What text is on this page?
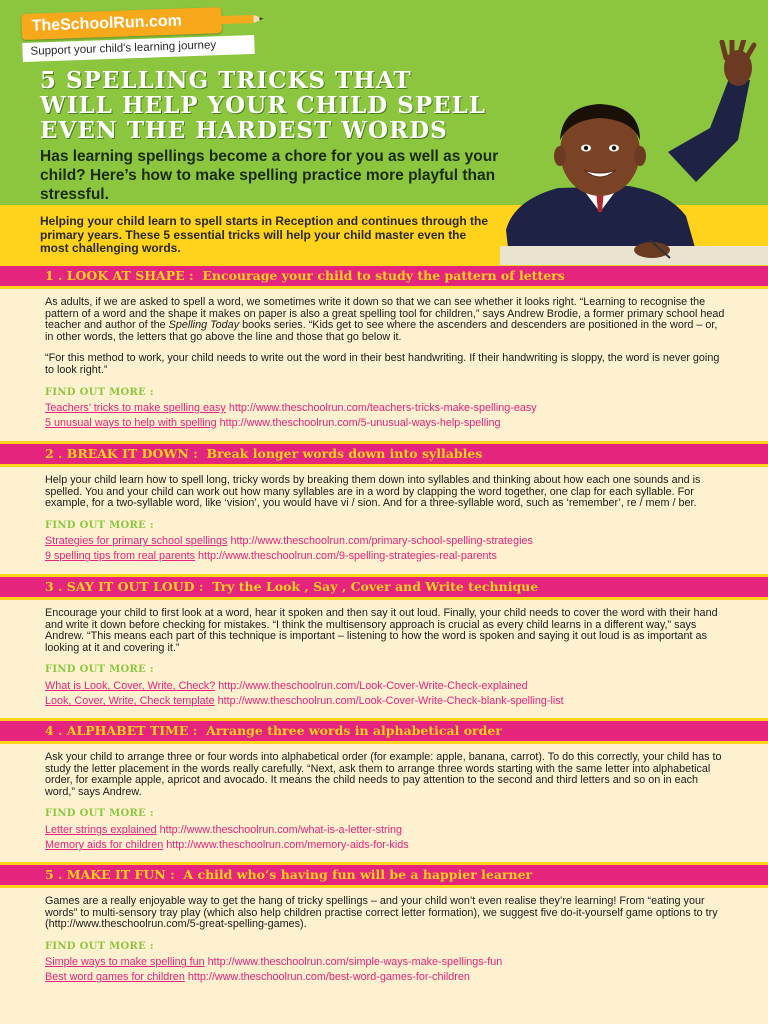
TheSchoolRun.com
Support your child's learning journey
5 SPELLING TRICKS THAT
WILL HELP YOUR CHILD SPELL
EVEN THE HARDEST WORDS

Has learning spellings become a chore for you as well as your child? Here’s how to make spelling practice more playful than stressful.

Helping your child learn to spell starts in Reception and continues through the primary years. These 5 essential tricks will help your child master even the most challenging words.

1 . LOOK AT SHAPE : Encourage your child to study the pattern of letters

As adults, if we are asked to spell a word, we sometimes write it down so that we can see whether it looks right. “Learning to recognise the pattern of a word and the shape it makes on paper is also a great spelling tool for children,” says Andrew Brodie, a former primary school head teacher and author of the Spelling Today books series. “Kids get to see where the ascenders and descenders are positioned in the word – or, in other words, the letters that go above the line and those that go below it.

“For this method to work, your child needs to write out the word in their best handwriting. If their handwriting is sloppy, the word is never going to look right.”

FIND OUT MORE :
Teachers’ tricks to make spelling easy http://www.theschoolrun.com/teachers-tricks-make-spelling-easy
5 unusual ways to help with spelling http://www.theschoolrun.com/5-unusual-ways-help-spelling
2 . BREAK IT DOWN : Break longer words down into syllables

Help your child learn how to spell long, tricky words by breaking them down into syllables and thinking about how each one sounds and is spelled. You and your child can work out how many syllables are in a word by clapping the word together, one clap for each syllable. For example, for a two-syllable word, like ‘vision’, you would have vi / sion. And for a three-syllable word, such as ‘remember’, re / mem / ber.

FIND OUT MORE :
Strategies for primary school spellings http://www.theschoolrun.com/primary-school-spelling-strategies
9 spelling tips from real parents http://www.theschoolrun.com/9-spelling-strategies-real-parents
3 . SAY IT OUT LOUD : Try the Look , Say , Cover and Write technique

Encourage your child to first look at a word, hear it spoken and then say it out loud. Finally, your child needs to cover the word with their hand and write it down before checking for mistakes. “I think the multisensory approach is crucial as every child learns in a different way,” says Andrew. “This means each part of this technique is important – listening to how the word is spoken and saying it out loud is as important as looking at it and covering it.”

FIND OUT MORE :
What is Look, Cover, Write, Check? http://www.theschoolrun.com/Look-Cover-Write-Check-explained
Look, Cover, Write, Check template http://www.theschoolrun.com/Look-Cover-Write-Check-blank-spelling-list
4 . ALPHABET TIME : Arrange three words in alphabetical order

Ask your child to arrange three or four words into alphabetical order (for example: apple, banana, carrot). To do this correctly, your child has to study the letter placement in the words really carefully. “Next, ask them to arrange three words starting with the same letter into alphabetical order, for example apple, apricot and avocado. It means the child needs to pay attention to the second and third letters and so on in each word,” says Andrew.

FIND OUT MORE :
Letter strings explained http://www.theschoolrun.com/what-is-a-letter-string
Memory aids for children http://www.theschoolrun.com/memory-aids-for-kids
5 . MAKE IT FUN : A child who’s having fun will be a happier learner

Games are a really enjoyable way to get the hang of tricky spellings – and your child won’t even realise they’re learning! From “eating your words” to multi-sensory tray play (which also help children practise correct letter formation), we suggest five do-it-yourself game options to try (http://www.theschoolrun.com/5-great-spelling-games).

FIND OUT MORE :
Simple ways to make spelling fun http://www.theschoolrun.com/simple-ways-make-spellings-fun
Best word games for children http://www.theschoolrun.com/best-word-games-for-children
